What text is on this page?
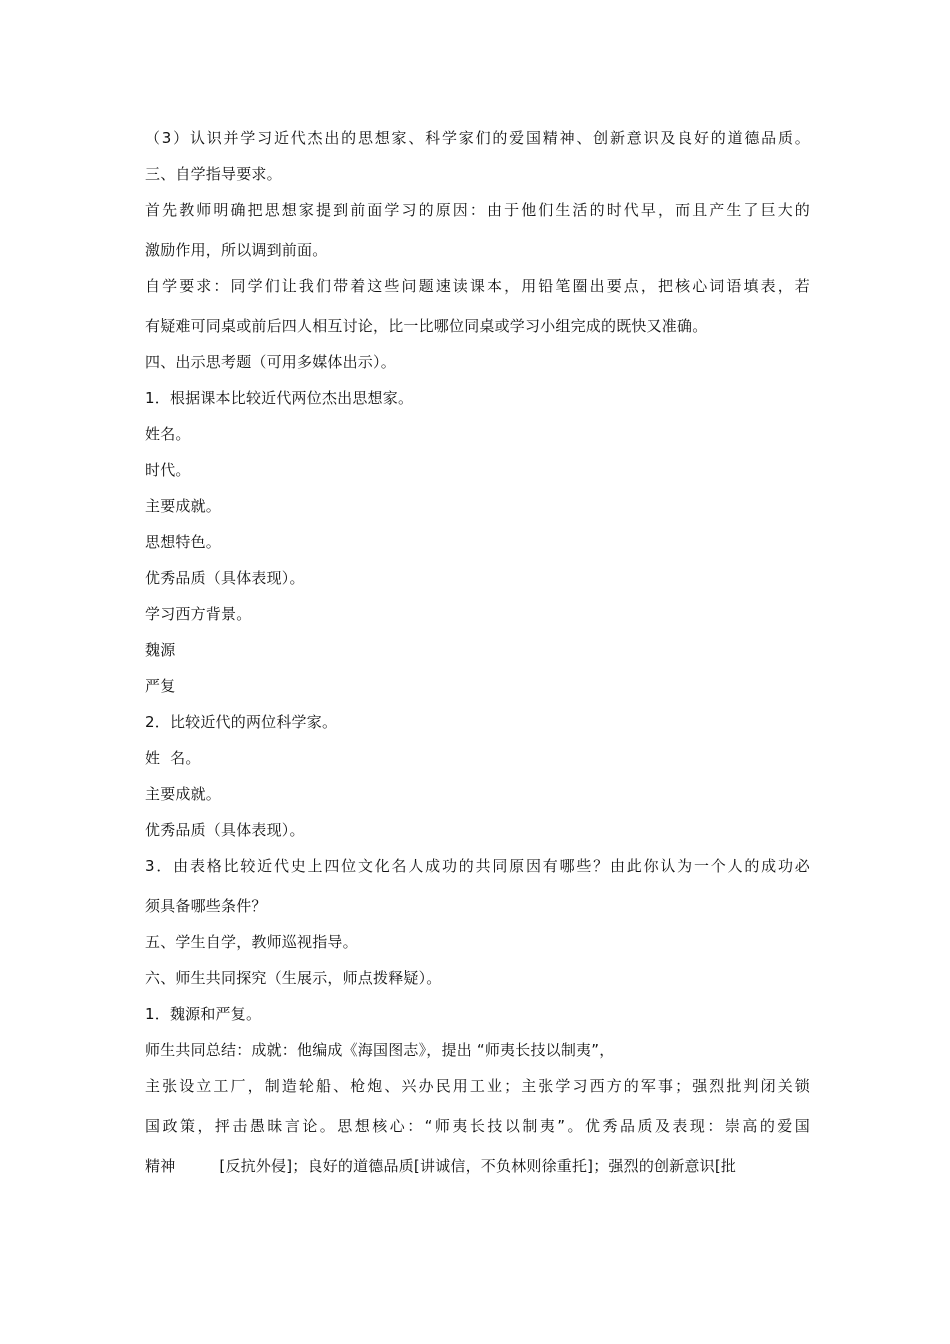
（3）认识并学习近代杰出的思想家、科学家们的爱国精神、创新意识及良好的道德品质。
三、自学指导要求。
首先教师明确把思想家提到前面学习的原因：由于他们生活的时代早，而且产生了巨大的
激励作用，所以调到前面。
自学要求：同学们让我们带着这些问题速读课本，用铅笔圈出要点，把核心词语填表，若
有疑难可同桌或前后四人相互讨论，比一比哪位同桌或学习小组完成的既快又准确。
四、出示思考题（可用多媒体出示）。
1．根据课本比较近代两位杰出思想家。
姓名。
时代。
主要成就。
思想特色。
优秀品质（具体表现）。
学习西方背景。
魏源
严复
2．比较近代的两位科学家。
姓  名。
主要成就。
优秀品质（具体表现）。
3．由表格比较近代史上四位文化名人成功的共同原因有哪些？由此你认为一个人的成功必
须具备哪些条件？
五、学生自学，教师巡视指导。
六、师生共同探究（生展示，师点拨释疑）。
1．魏源和严复。
师生共同总结：成就：他编成《海国图志》，提出 “师夷长技以制夷”，
主张设立工厂，制造轮船、枪炮、兴办民用工业；主张学习西方的军事；强烈批判闭关锁
国政策，抨击愚昧言论。思想核心：“师夷长技以制夷”。优秀品质及表现：崇高的爱国
精神	[反抗外侵]；良好的道德品质[讲诚信，不负林则徐重托]；强烈的创新意识[批
